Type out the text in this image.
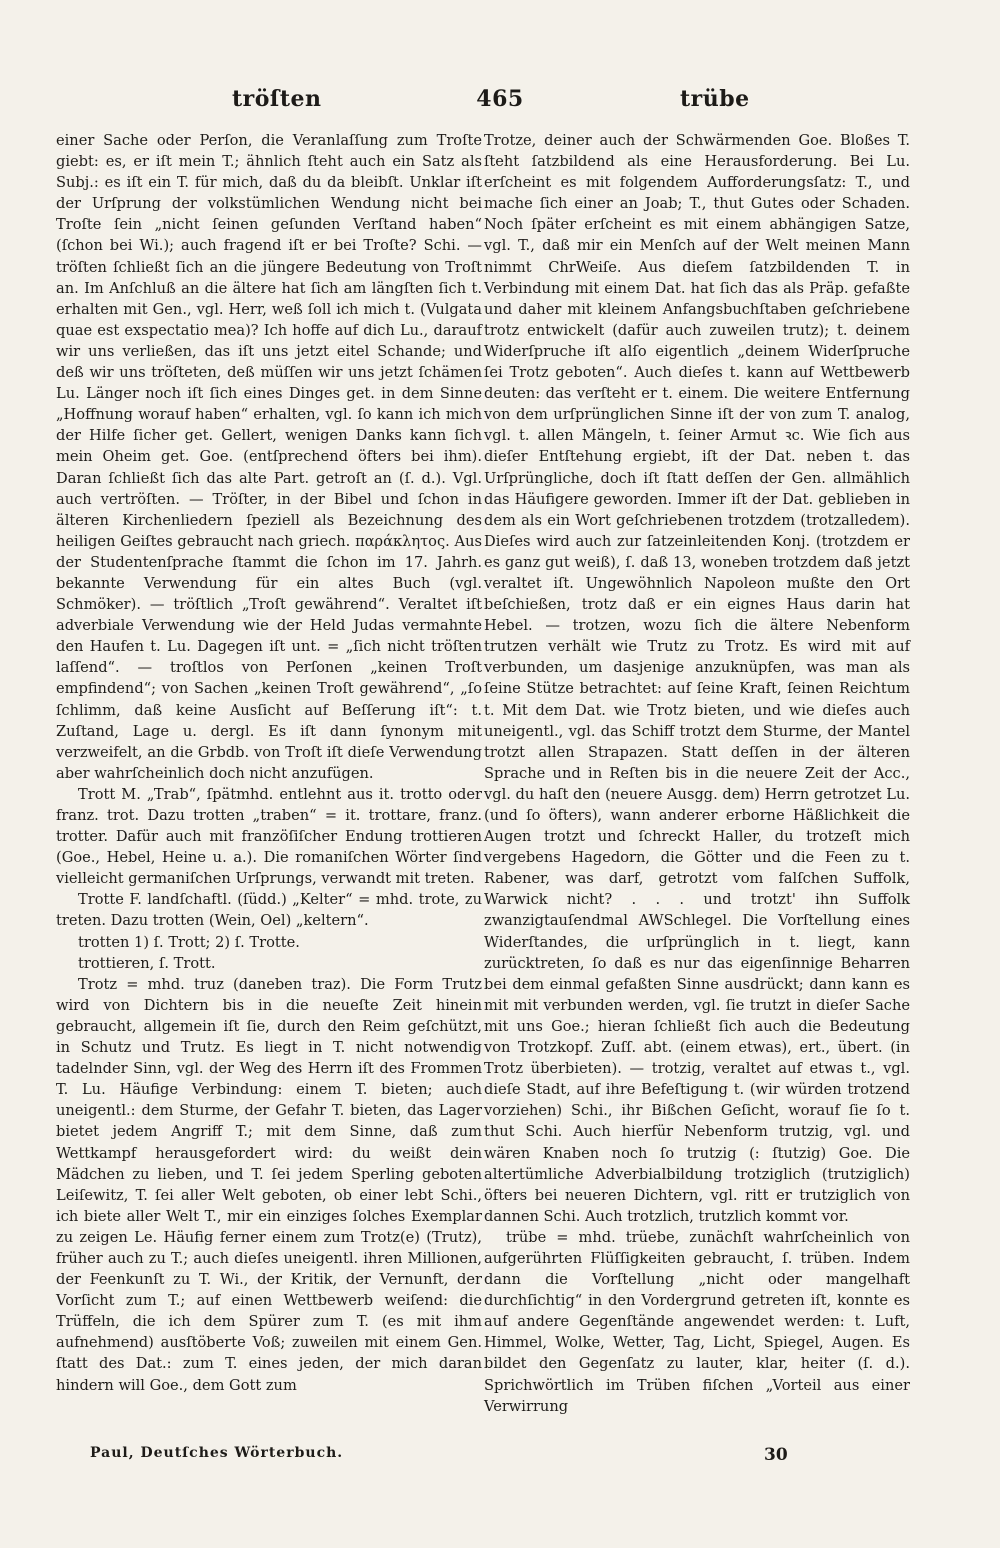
tröſten	465	trübe

einer Sache oder Perſon, die Veranlaſſung zum Troſte giebt: es, er iſt mein T.; ähnlich ſteht auch ein Satz als Subj.: es iſt ein T. für mich, daß du da bleibſt. Unklar iſt der Urſprung der volkstümlichen Wendung nicht bei Troſte ſein „nicht ſeinen geſunden Verſtand haben“ (ſchon bei Wi.); auch fragend iſt er bei Troſte? Schi. — tröſten ſchließt ſich an die jüngere Bedeutung von Troſt an. Im Anſchluß an die ältere hat ſich am längſten ſich t. erhalten mit Gen., vgl. Herr, weß ſoll ich mich t. (Vulgata quae est exspectatio mea)? Ich hoffe auf dich Lu., darauf wir uns verließen, das iſt uns jetzt eitel Schande; und deß wir uns tröſteten, deß müſſen wir uns jetzt ſchämen Lu. Länger noch iſt ſich eines Dinges get. in dem Sinne „Hoffnung worauf haben“ erhalten, vgl. ſo kann ich mich der Hilfe ſicher get. Gellert, wenigen Danks kann ſich mein Oheim get. Goe. (entſprechend öfters bei ihm). Daran ſchließt ſich das alte Part. getroſt an (ſ. d.). Vgl. auch vertröſten. — Tröſter, in der Bibel und ſchon in älteren Kirchenliedern ſpeziell als Bezeichnung des heiligen Geiſtes gebraucht nach griech. παράκλητος. Aus der Studentenſprache ſtammt die ſchon im 17. Jahrh. bekannte Verwendung für ein altes Buch (vgl. Schmöker). — tröſtlich „Troſt gewährend“. Veraltet iſt adverbiale Verwendung wie der Held Judas vermahnte den Haufen t. Lu. Dagegen iſt unt. = „ſich nicht tröſten laſſend“. — troſtlos von Perſonen „keinen Troſt empfindend“; von Sachen „keinen Troſt gewährend“, „ſo ſchlimm, daß keine Ausſicht auf Beſſerung iſt“: t. Zuſtand, Lage u. dergl. Es iſt dann ſynonym mit verzweifelt, an die Grbdb. von Troſt iſt dieſe Verwendung aber wahrſcheinlich doch nicht anzufügen.

Trott M. „Trab“, ſpätmhd. entlehnt aus it. trotto oder franz. trot. Dazu trotten „traben“ = it. trottare, franz. trotter. Dafür auch mit franzöſiſcher Endung trottieren (Goe., Hebel, Heine u. a.). Die romaniſchen Wörter ſind vielleicht germaniſchen Urſprungs, verwandt mit treten.

Trotte F. landſchaftl. (ſüdd.) „Kelter“ = mhd. trote, zu treten. Dazu trotten (Wein, Oel) „keltern“.

trotten 1) ſ. Trott; 2) ſ. Trotte.

trottieren, ſ. Trott.

Trotz = mhd. truz (daneben traz). Die Form Trutz wird von Dichtern bis in die neueſte Zeit hinein gebraucht, allgemein iſt ſie, durch den Reim geſchützt, in Schutz und Trutz. Es liegt in T. nicht notwendig tadelnder Sinn, vgl. der Weg des Herrn iſt des Frommen T. Lu. Häufige Verbindung: einem T. bieten; auch uneigentl.: dem Sturme, der Gefahr T. bieten, das Lager bietet jedem Angriff T.; mit dem Sinne, daß zum Wettkampf herausgefordert wird: du weißt dein Mädchen zu lieben, und T. ſei jedem Sperling geboten Leiſewitz, T. ſei aller Welt geboten, ob einer lebt Schi., ich biete aller Welt T., mir ein einziges ſolches Exemplar zu zeigen Le. Häufig ferner einem zum Trotz(e) (Trutz), früher auch zu T.; auch dieſes uneigentl. ihren Millionen, der Feenkunſt zu T. Wi., der Kritik, der Vernunft, der Vorſicht zum T.; auf einen Wettbewerb weiſend: die Trüffeln, die ich dem Spürer zum T. (es mit ihm aufnehmend) ausſtöberte Voß; zuweilen mit einem Gen. ſtatt des Dat.: zum T. eines jeden, der mich daran hindern will Goe., dem Gott zum

Trotze, deiner auch der Schwärmenden Goe. Bloßes T. ſteht ſatzbildend als eine Herausforderung. Bei Lu. erſcheint es mit folgendem Aufforderungsſatz: T., und mache ſich einer an Joab; T., thut Gutes oder Schaden. Noch ſpäter erſcheint es mit einem abhängigen Satze, vgl. T., daß mir ein Menſch auf der Welt meinen Mann nimmt ChrWeiſe. Aus dieſem ſatzbildenden T. in Verbindung mit einem Dat. hat ſich das als Präp. gefaßte und daher mit kleinem Anfangsbuchſtaben geſchriebene trotz entwickelt (dafür auch zuweilen trutz); t. deinem Widerſpruche iſt alſo eigentlich „deinem Widerſpruche ſei Trotz geboten“. Auch dieſes t. kann auf Wettbewerb deuten: das verſteht er t. einem. Die weitere Entfernung von dem urſprünglichen Sinne iſt der von zum T. analog, vgl. t. allen Mängeln, t. ſeiner Armut ꝛc. Wie ſich aus dieſer Entſtehung ergiebt, iſt der Dat. neben t. das Urſprüngliche, doch iſt ſtatt deſſen der Gen. allmählich das Häufigere geworden. Immer iſt der Dat. geblieben in dem als ein Wort geſchriebenen trotzdem (trotzalledem). Dieſes wird auch zur ſatzeinleitenden Konj. (trotzdem er es ganz gut weiß), ſ. daß 13, woneben trotzdem daß jetzt veraltet iſt. Ungewöhnlich Napoleon mußte den Ort beſchießen, trotz daß er ein eignes Haus darin hat Hebel. — trotzen, wozu ſich die ältere Nebenform trutzen verhält wie Trutz zu Trotz. Es wird mit auf verbunden, um dasjenige anzuknüpfen, was man als ſeine Stütze betrachtet: auf ſeine Kraft, ſeinen Reichtum t. Mit dem Dat. wie Trotz bieten, und wie dieſes auch uneigentl., vgl. das Schiff trotzt dem Sturme, der Mantel trotzt allen Strapazen. Statt deſſen in der älteren Sprache und in Reſten bis in die neuere Zeit der Acc., vgl. du haſt den (neuere Ausgg. dem) Herrn getrotzet Lu. (und ſo öfters), wann anderer erborne Häßlichkeit die Augen trotzt und ſchreckt Haller, du trotzeſt mich vergebens Hagedorn, die Götter und die Feen zu t. Rabener, was darf, getrotzt vom falſchen Suffolk, Warwick nicht? . . . und trotzt' ihn Suffolk zwanzigtauſendmal AWSchlegel. Die Vorſtellung eines Widerſtandes, die urſprünglich in t. liegt, kann zurücktreten, ſo daß es nur das eigenſinnige Beharren bei dem einmal gefaßten Sinne ausdrückt; dann kann es mit mit verbunden werden, vgl. ſie trutzt in dieſer Sache mit uns Goe.; hieran ſchließt ſich auch die Bedeutung von Trotzkopf. Zuſſ. abt. (einem etwas), ert., übert. (in Trotz überbieten). — trotzig, veraltet auf etwas t., vgl. dieſe Stadt, auf ihre Befeſtigung t. (wir würden trotzend vorziehen) Schi., ihr Bißchen Geſicht, worauf ſie ſo t. thut Schi. Auch hierfür Nebenform trutzig, vgl. und wären Knaben noch ſo trutzig (: ſtutzig) Goe. Die altertümliche Adverbialbildung trotziglich (trutziglich) öfters bei neueren Dichtern, vgl. ritt er trutziglich von dannen Schi. Auch trotzlich, trutzlich kommt vor.

trübe = mhd. trüebe, zunächſt wahrſcheinlich von aufgerührten Flüſſigkeiten gebraucht, ſ. trüben. Indem dann die Vorſtellung „nicht oder mangelhaft durchſichtig“ in den Vordergrund getreten iſt, konnte es auf andere Gegenſtände angewendet werden: t. Luft, Himmel, Wolke, Wetter, Tag, Licht, Spiegel, Augen. Es bildet den Gegenſatz zu lauter, klar, heiter (ſ. d.). Sprichwörtlich im Trüben fiſchen „Vorteil aus einer Verwirrung

Paul, Deutſches Wörterbuch.	30
